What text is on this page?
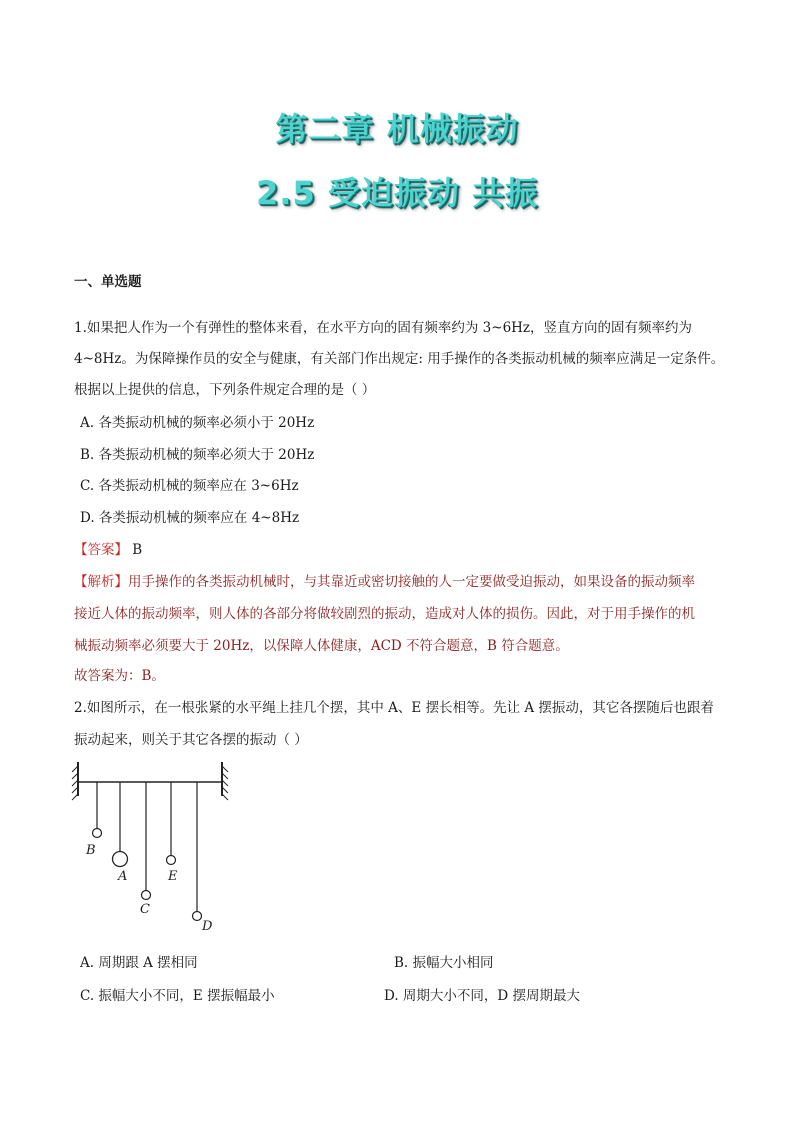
第二章 机械振动
2.5 受迫振动 共振
一、单选题
1.如果把人作为一个有弹性的整体来看，在水平方向的固有频率约为 3~6Hz，竖直方向的固有频率约为
4~8Hz。为保障操作员的安全与健康，有关部门作出规定: 用手操作的各类振动机械的频率应满足一定条件。
根据以上提供的信息，下列条件规定合理的是（ ）
A. 各类振动机械的频率必须小于 20Hz
B. 各类振动机械的频率必须大于 20Hz
C. 各类振动机械的频率应在 3~6Hz
D. 各类振动机械的频率应在 4~8Hz
【答案】 B
【解析】用手操作的各类振动机械时，与其靠近或密切接触的人一定要做受迫振动，如果设备的振动频率
接近人体的振动频率，则人体的各部分将做较剧烈的振动，造成对人体的损伤。因此，对于用手操作的机
械振动频率必须要大于 20Hz，以保障人体健康，ACD 不符合题意，B 符合题意。
故答案为：B。
2.如图所示，在一根张紧的水平绳上挂几个摆，其中 A、E 摆长相等。先让 A 摆振动，其它各摆随后也跟着
振动起来，则关于其它各摆的振动（ ）
B
A
C
E
D
A. 周期跟 A 摆相同	B. 振幅大小相同
C. 振幅大小不同，E 摆振幅最小	D. 周期大小不同，D 摆周期最大
